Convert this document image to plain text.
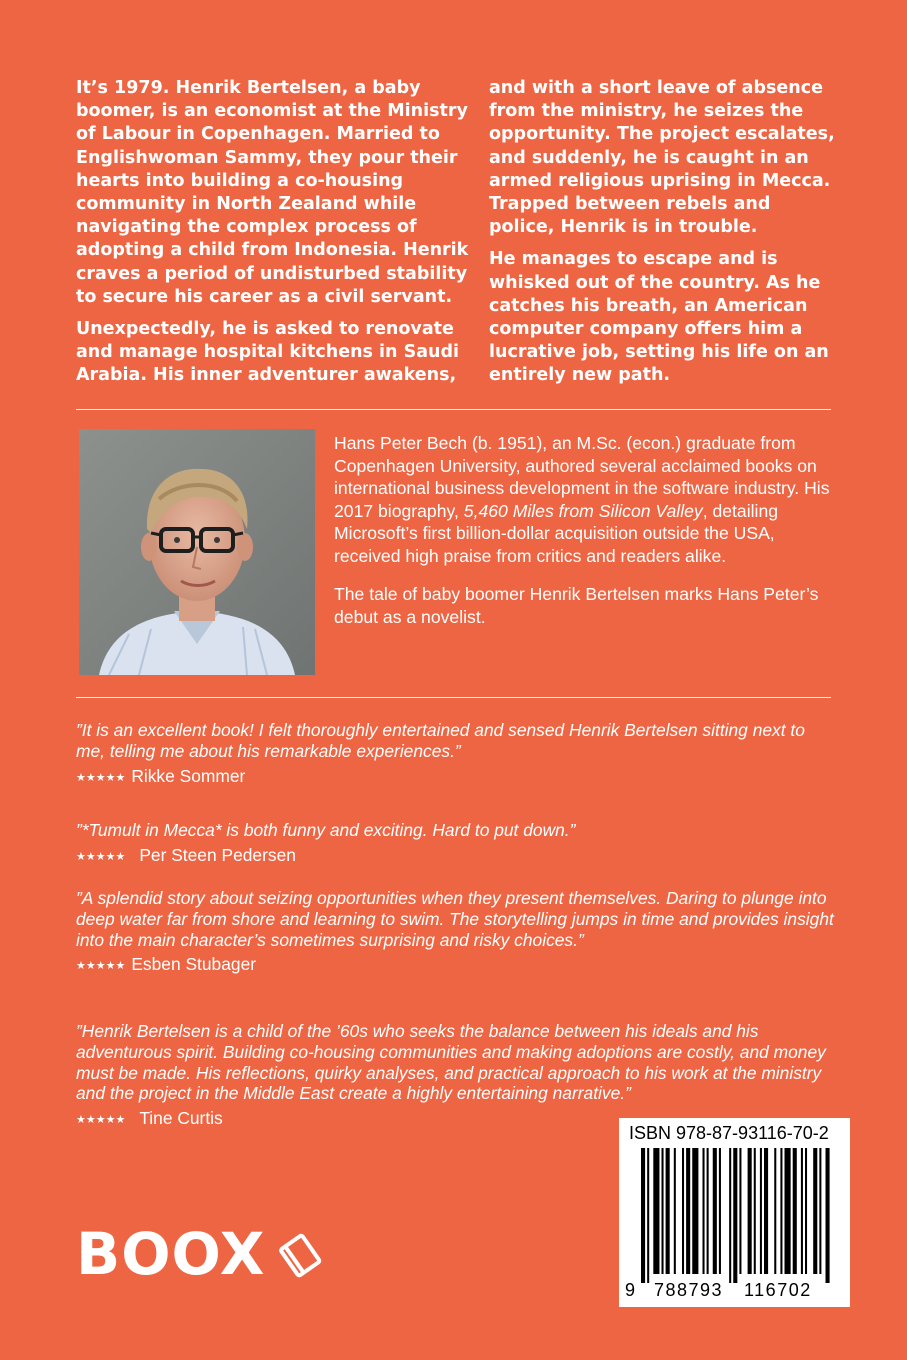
It’s 1979. Henrik Bertelsen, a baby boomer, is an economist at the Ministry of Labour in Copenhagen. Married to Englishwoman Sammy, they pour their hearts into building a co-housing community in North Zealand while navigating the complex process of adopting a child from Indonesia. Henrik craves a period of undisturbed stability to secure his career as a civil servant.

Unexpectedly, he is asked to renovate and manage hospital kitchens in Saudi Arabia. His inner adventurer awakens,

and with a short leave of absence from the ministry, he seizes the opportunity. The project escalates, and suddenly, he is caught in an armed religious uprising in Mecca. Trapped between rebels and police, Henrik is in trouble.

He manages to escape and is whisked out of the country. As he catches his breath, an American computer company offers him a lucrative job, setting his life on an entirely new path.

Hans Peter Bech (b. 1951), an M.Sc. (econ.) graduate from Copenhagen University, authored several acclaimed books on international business development in the software industry. His 2017 biography, 5,460 Miles from Silicon Valley, detailing Microsoft’s first billion-dollar acquisition outside the USA, received high praise from critics and readers alike.

The tale of baby boomer Henrik Bertelsen marks Hans Peter’s debut as a novelist.

”It is an excellent book! I felt thoroughly entertained and sensed Henrik Bertelsen sitting next to me, telling me about his remarkable experiences.”

★★★★★ Rikke Sommer

”*Tumult in Mecca* is both funny and exciting. Hard to put down.”

★★★★★ Per Steen Pedersen

”A splendid story about seizing opportunities when they present themselves. Daring to plunge into deep water far from shore and learning to swim. The storytelling jumps in time and provides insight into the main character’s sometimes surprising and risky choices.”

★★★★★ Esben Stubager

”Henrik Bertelsen is a child of the ’60s who seeks the balance between his ideals and his adventurous spirit. Building co-housing communities and making adoptions are costly, and money must be made. His reflections, quirky analyses, and practical approach to his work at the ministry and the project in the Middle East create a highly entertaining narrative.”

★★★★★ Tine Curtis
BOOX
ISBN 978-87-93116-70-2
9 788793 116702
